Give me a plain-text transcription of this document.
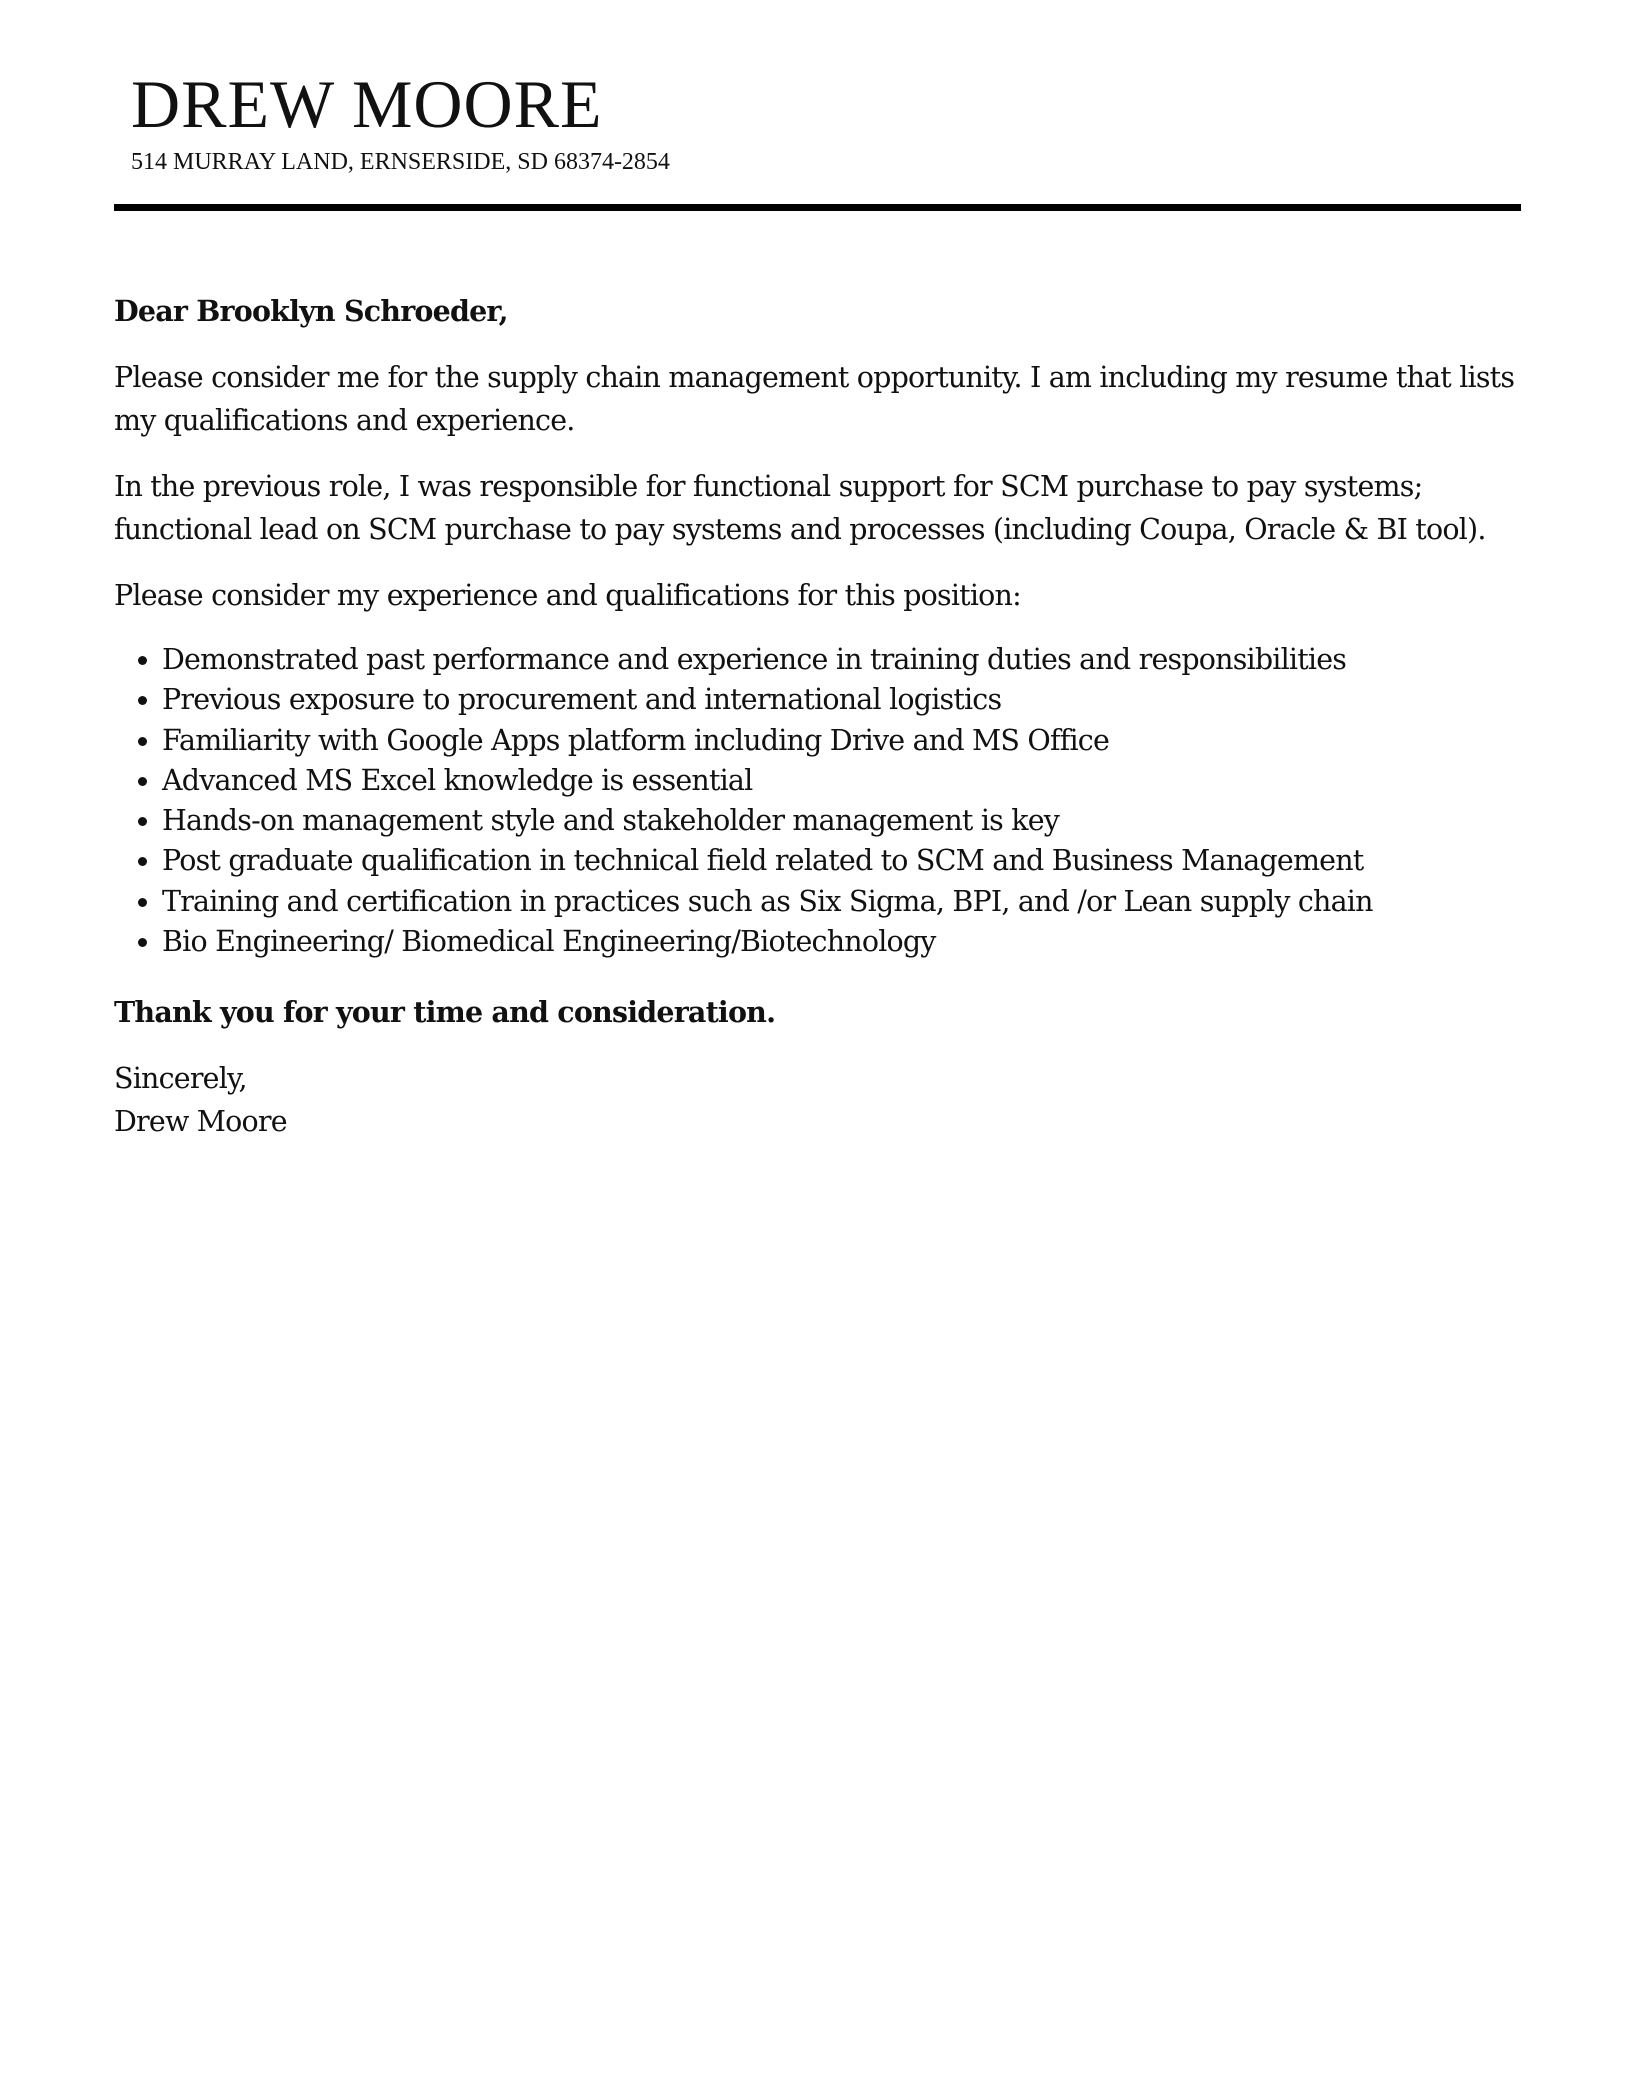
DREW MOORE
514 MURRAY LAND, ERNSERSIDE, SD 68374-2854

Dear Brooklyn Schroeder,

Please consider me for the supply chain management opportunity. I am including my resume that lists my qualifications and experience.

In the previous role, I was responsible for functional support for SCM purchase to pay systems; functional lead on SCM purchase to pay systems and processes (including Coupa, Oracle & BI tool).

Please consider my experience and qualifications for this position:

• Demonstrated past performance and experience in training duties and responsibilities
• Previous exposure to procurement and international logistics
• Familiarity with Google Apps platform including Drive and MS Office
• Advanced MS Excel knowledge is essential
• Hands-on management style and stakeholder management is key
• Post graduate qualification in technical field related to SCM and Business Management
• Training and certification in practices such as Six Sigma, BPI, and /or Lean supply chain
• Bio Engineering/ Biomedical Engineering/Biotechnology

Thank you for your time and consideration.

Sincerely,
Drew Moore
